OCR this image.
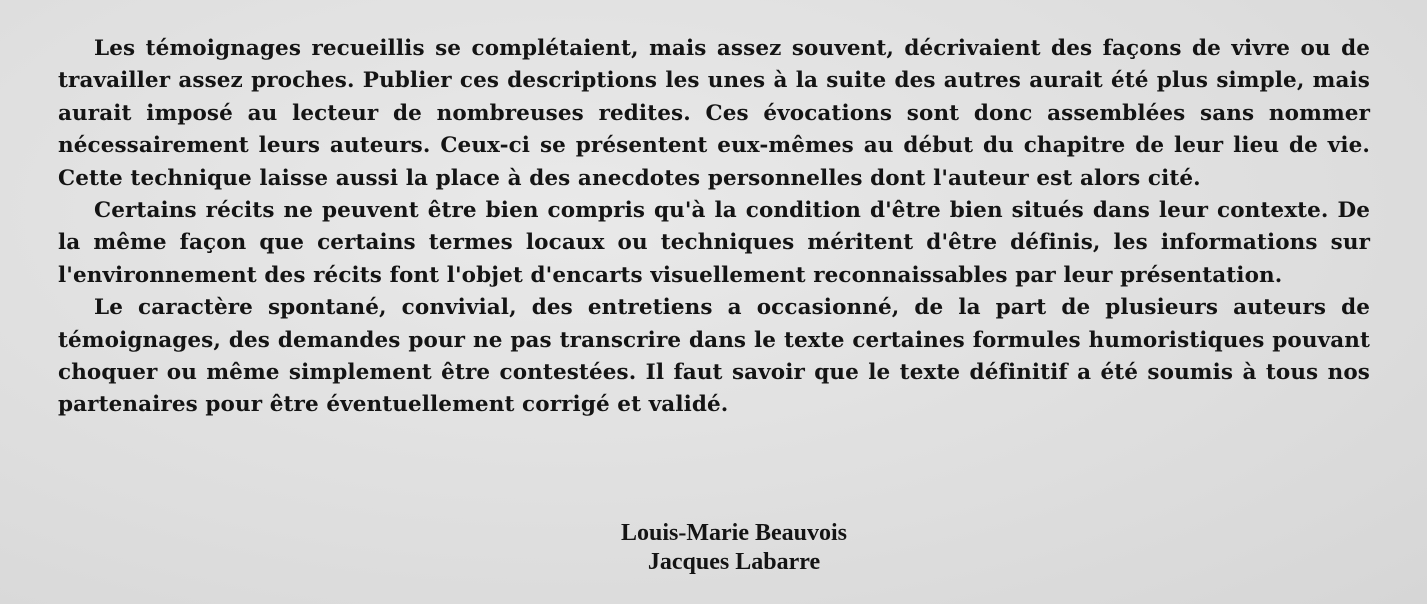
Les témoignages recueillis se complétaient, mais assez souvent, décrivaient des façons de vivre ou de travailler assez proches. Publier ces descriptions les unes à la suite des autres aurait été plus simple, mais aurait imposé au lecteur de nombreuses redites. Ces évocations sont donc assemblées sans nommer nécessairement leurs auteurs. Ceux-ci se présentent eux-mêmes au début du chapitre de leur lieu de vie. Cette technique laisse aussi la place à des anecdotes personnelles dont l'auteur est alors cité.

Certains récits ne peuvent être bien compris qu'à la condition d'être bien situés dans leur contexte. De la même façon que certains termes locaux ou techniques méritent d'être définis, les informations sur l'environnement des récits font l'objet d'encarts visuellement reconnaissables par leur présentation.

Le caractère spontané, convivial, des entretiens a occasionné, de la part de plusieurs auteurs de témoignages, des demandes pour ne pas transcrire dans le texte certaines formules humoristiques pouvant choquer ou même simplement être contestées. Il faut savoir que le texte définitif a été soumis à tous nos partenaires pour être éventuellement corrigé et validé.

Louis-Marie Beauvois
Jacques Labarre
